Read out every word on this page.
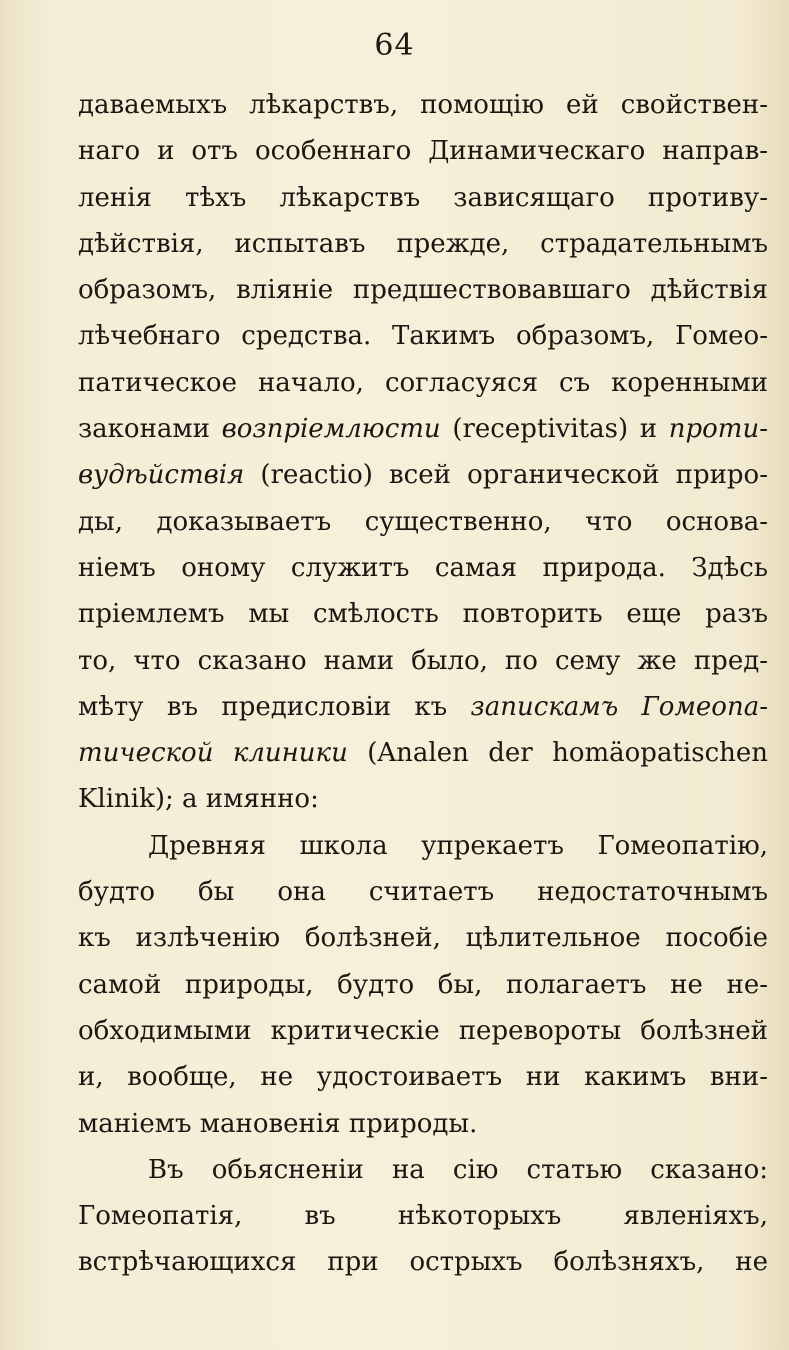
64
даваемыхъ лѣкарствъ, помощію ей свойствен-
наго и отъ особеннаго Динамическаго направ-
ленія тѣхъ лѣкарствъ зависящаго противу-
дѣйствія, испытавъ прежде, страдательнымъ
образомъ, вліяніе предшествовавшаго дѣйствія
лѣчебнаго средства. Такимъ образомъ, Гомео-
патическое начало, согласуяся съ коренными
законами возпріемлюсти (receptivitas) и проти-
вудѣйствія (reactio) всей органической приро-
ды, доказываетъ существенно, что основа-
ніемъ оному служитъ самая природа. Здѣсь
пріемлемъ мы смѣлость повторить еще разъ
то, что сказано нами было, по сему же пред-
мѣту въ предисловіи къ запискамъ Гомеопа-
тической клиники (Analen der homäopatischen
Klinik); а имянно:
Древняя школа упрекаетъ Гомеопатію,
будто бы она считаетъ недостаточнымъ
къ излѣченію болѣзней, цѣлительное пособіе
самой природы, будто бы, полагаетъ не не-
обходимыми критическіе перевороты болѣзней
и, вообще, не удостоиваетъ ни какимъ вни-
маніемъ мановенія природы.
Въ обьясненіи на сію статью сказано:
Гомеопатія, въ нѣкоторыхъ явленіяхъ,
встрѣчающихся при острыхъ болѣзняхъ, не
